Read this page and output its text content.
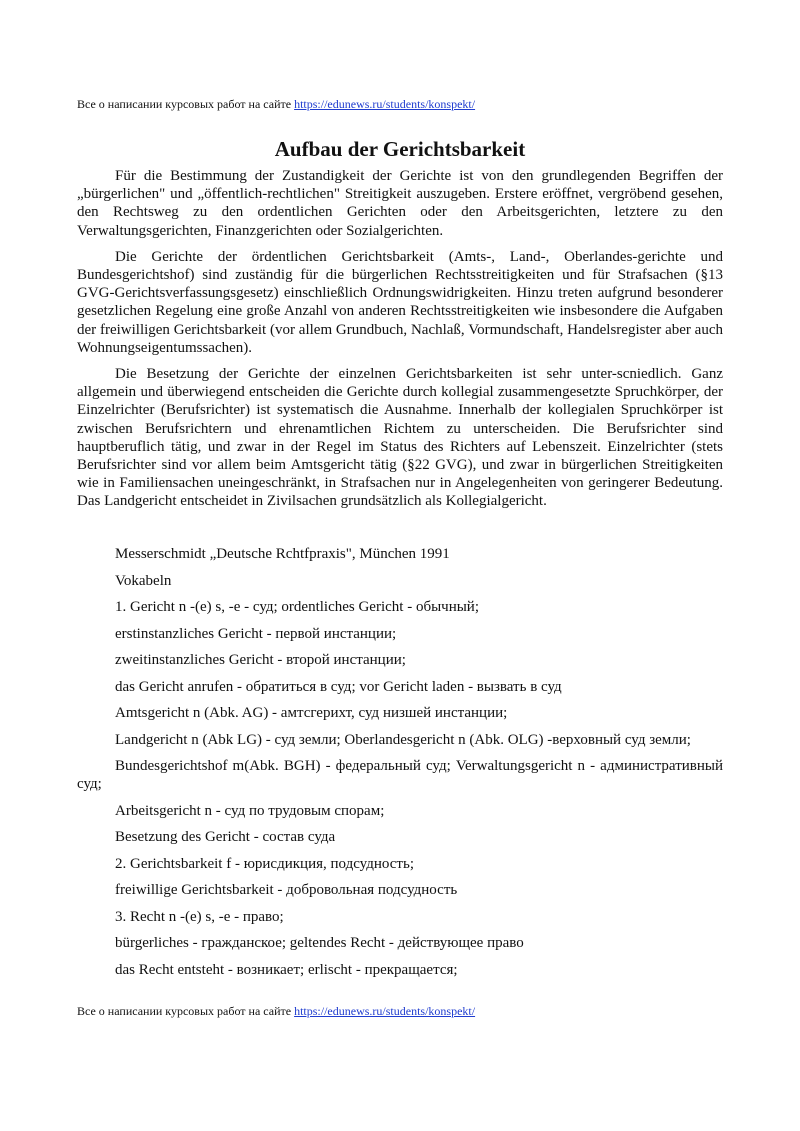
Все о написании курсовых работ на сайте https://edunews.ru/students/konspekt/
Aufbau der Gerichtsbarkeit

Für die Bestimmung der Zustandigkeit der Gerichte ist von den grundlegenden Begriffen der „bürgerlichen" und „öffentlich-rechtlichen" Streitigkeit auszugeben. Erstere eröffnet, vergröbend gesehen, den Rechtsweg zu den ordentlichen Gerichten oder den Arbeitsgerichten, letztere zu den Verwaltungsgerichten, Finanzgerichten oder Sozialgerichten.

Die Gerichte der ördentlichen Gerichtsbarkeit (Amts-, Land-, Oberlandes-gerichte und Bundesgerichtshof) sind zuständig für die bürgerlichen Rechtsstreitigkeiten und für Strafsachen (§13 GVG-Gerichtsverfassungsgesetz) einschließlich Ordnungswidrigkeiten. Hinzu treten aufgrund besonderer gesetzlichen Regelung eine große Anzahl von anderen Rechtsstreitigkeiten wie insbesondere die Aufgaben der freiwilligen Gerichtsbarkeit (vor allem Grundbuch, Nachlaß, Vormundschaft, Handelsregister aber auch Wohnungseigentumssachen).

Die Besetzung der Gerichte der einzelnen Gerichtsbarkeiten ist sehr unter-scniedlich. Ganz allgemein und überwiegend entscheiden die Gerichte durch kollegial zusammengesetzte Spruchkörper, der Einzelrichter (Berufsrichter) ist systematisch die Ausnahme. Innerhalb der kollegialen Spruchkörper ist zwischen Berufsrichtern und ehrenamtlichen Richtem zu unterscheiden. Die Berufsrichter sind hauptberuflich tätig, und zwar in der Regel im Status des Richters auf Lebenszeit. Einzelrichter (stets Berufsrichter sind vor allem beim Amtsgericht tätig (§22 GVG), und zwar in bürgerlichen Streitigkeiten wie in Familiensachen uneingeschränkt, in Strafsachen nur in Angelegenheiten von geringerer Bedeutung. Das Landgericht entscheidet in Zivilsachen grundsätzlich als Kollegialgericht.

Messerschmidt „Deutsche Rchtfpraxis", München 1991

Vokabeln

1. Gericht n -(e) s, -e - суд; ordentliches Gericht - обычный;

erstinstanzliches Gericht - первой инстанции;

zweitinstanzliches Gericht - второй инстанции;

das Gericht anrufen - обратиться в суд; vor Gericht laden - вызвать в суд

Amtsgericht n (Abk. AG) - амтсгерихт, суд низшей инстанции;

Landgericht n (Abk LG) - суд земли; Oberlandesgericht n (Abk. OLG) -верховный суд земли;

Bundesgerichtshof m(Abk. BGH) - федеральный суд; Verwaltungsgericht n - административный суд;

Arbeitsgericht n - суд по трудовым спорам;

Besetzung des Gericht - состав суда

2. Gerichtsbarkeit f - юрисдикция, подсудность;

freiwillige Gerichtsbarkeit - добровольная подсудность

3. Recht n -(e) s, -e - право;

bürgerliches - гражданское; geltendes Recht - действующее право

das Recht entsteht - возникает; erlischt - прекращается;

Все о написании курсовых работ на сайте https://edunews.ru/students/konspekt/
